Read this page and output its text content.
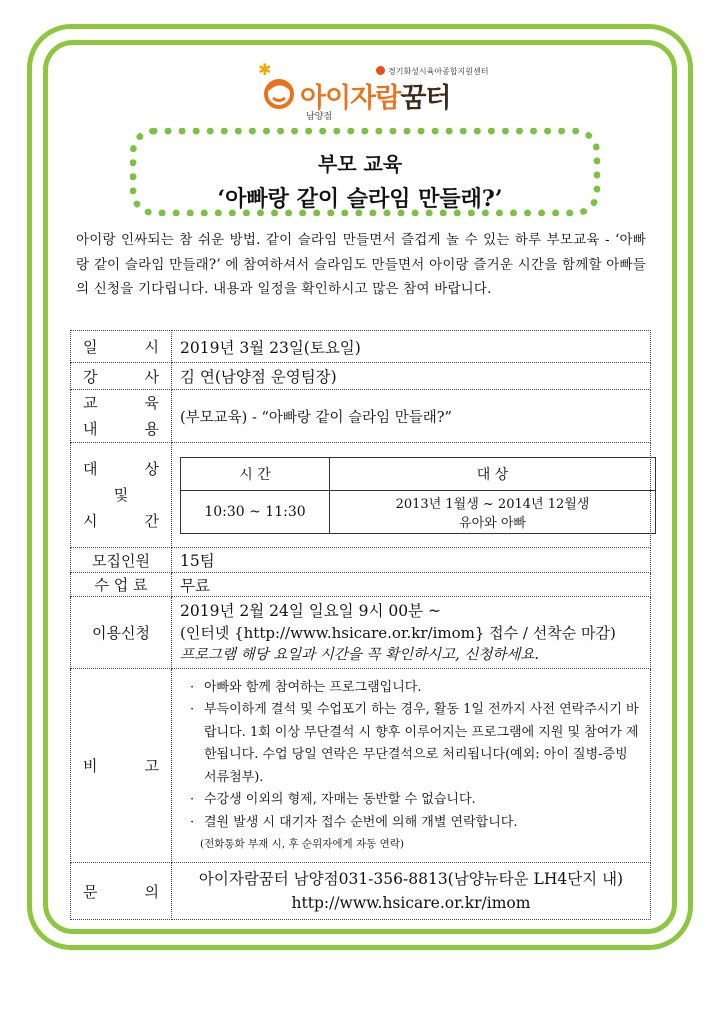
✱	경기화성시육아종합지원센터
아이자람꿈터
남양점
부모 교육
‘아빠랑 같이 슬라임 만들래?’
아이랑 인싸되는 참 쉬운 방법. 같이 슬라임 만들면서 즐겁게 놀 수 있는 하루 부모교육 - ‘아빠랑 같이 슬라임 만들래?’ 에 참여하셔서 슬라임도 만들면서 아이랑 즐거운 시간을 함께할 아빠들의 신청을 기다립니다. 내용과 일정을 확인하시고 많은 참여 바랍니다.
일	시	2019년 3월 23일(토요일)

강	사	김 연(남양점 운영팀장)

교	육
내	용
	(부모교육) - “아빠랑 같이 슬라임 만들래?”

대	상
및
시	간

시 간	대 상
10:30 ~ 11:30	2013년 1월생 ~ 2014년 12월생
유아와 아빠

모집인원	15팀
수 업 료	무료
이용신청	
2019년 2월 24일 일요일 9시 00분 ~
(인터넷 {http://www.hsicare.or.kr/imom} 접수 / 선착순 마감)
프로그램 해당 요일과 시간을 꼭 확인하시고, 신청하세요.

비	고

· 아빠와 함께 참여하는 프로그램입니다.
· 부득이하게 결석 및 수업포기 하는 경우, 활동 1일 전까지 사전 연락주시기 바랍니다. 1회 이상 무단결석 시 향후 이루어지는 프로그램에 지원 및 참여가 제한됩니다. 수업 당일 연락은 무단결석으로 처리됩니다(예외: 아이 질병-증빙서류첨부).
· 수강생 이외의 형제, 자매는 동반할 수 없습니다.
· 결원 발생 시 대기자 접수 순번에 의해 개별 연락합니다.
(전화통화 부재 시, 후 순위자에게 자동 연락)

문	의

아이자람꿈터 남양점031-356-8813(남양뉴타운 LH4단지 내)
http://www.hsicare.or.kr/imom
